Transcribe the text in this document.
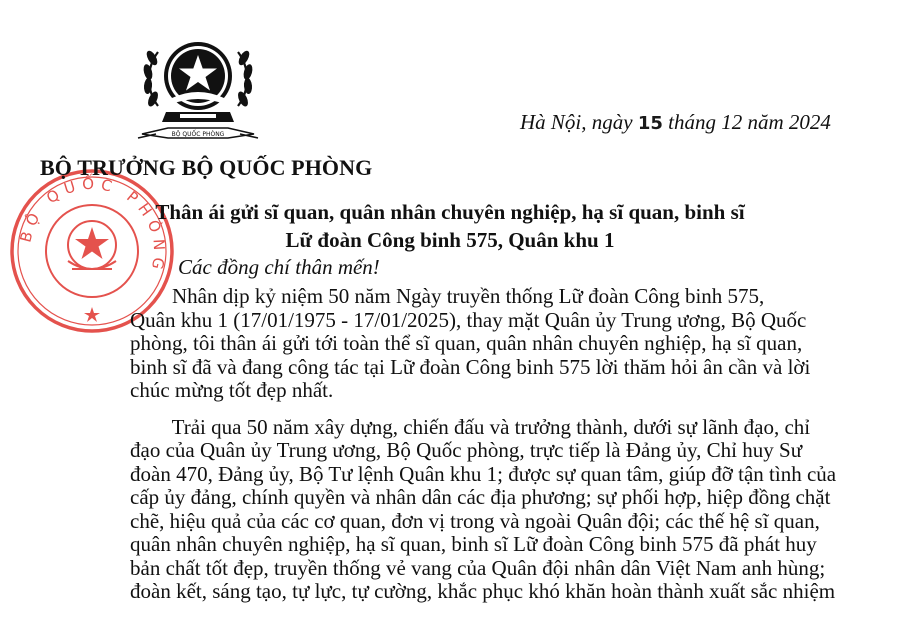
BỘ QUỐC PHÒNG
BỘ QUỐC PHÒNG
Hà Nội, ngày 15 tháng 12 năm 2024
BỘ TRƯỞNG BỘ QUỐC PHÒNG
Thân ái gửi sĩ quan, quân nhân chuyên nghiệp, hạ sĩ quan, binh sĩ
Lữ đoàn Công binh 575, Quân khu 1
Các đồng chí thân mến!
Nhân dịp kỷ niệm 50 năm Ngày truyền thống Lữ đoàn Công binh 575,
Quân khu 1 (17/01/1975 - 17/01/2025), thay mặt Quân ủy Trung ương, Bộ Quốc
phòng, tôi thân ái gửi tới toàn thể sĩ quan, quân nhân chuyên nghiệp, hạ sĩ quan,
binh sĩ đã và đang công tác tại Lữ đoàn Công binh 575 lời thăm hỏi ân cần và lời
chúc mừng tốt đẹp nhất.
Trải qua 50 năm xây dựng, chiến đấu và trưởng thành, dưới sự lãnh đạo, chỉ
đạo của Quân ủy Trung ương, Bộ Quốc phòng, trực tiếp là Đảng ủy, Chỉ huy Sư
đoàn 470, Đảng ủy, Bộ Tư lệnh Quân khu 1; được sự quan tâm, giúp đỡ tận tình của
cấp ủy đảng, chính quyền và nhân dân các địa phương; sự phối hợp, hiệp đồng chặt
chẽ, hiệu quả của các cơ quan, đơn vị trong và ngoài Quân đội; các thế hệ sĩ quan,
quân nhân chuyên nghiệp, hạ sĩ quan, binh sĩ Lữ đoàn Công binh 575 đã phát huy
bản chất tốt đẹp, truyền thống vẻ vang của Quân đội nhân dân Việt Nam anh hùng;
đoàn kết, sáng tạo, tự lực, tự cường, khắc phục khó khăn hoàn thành xuất sắc nhiệm
